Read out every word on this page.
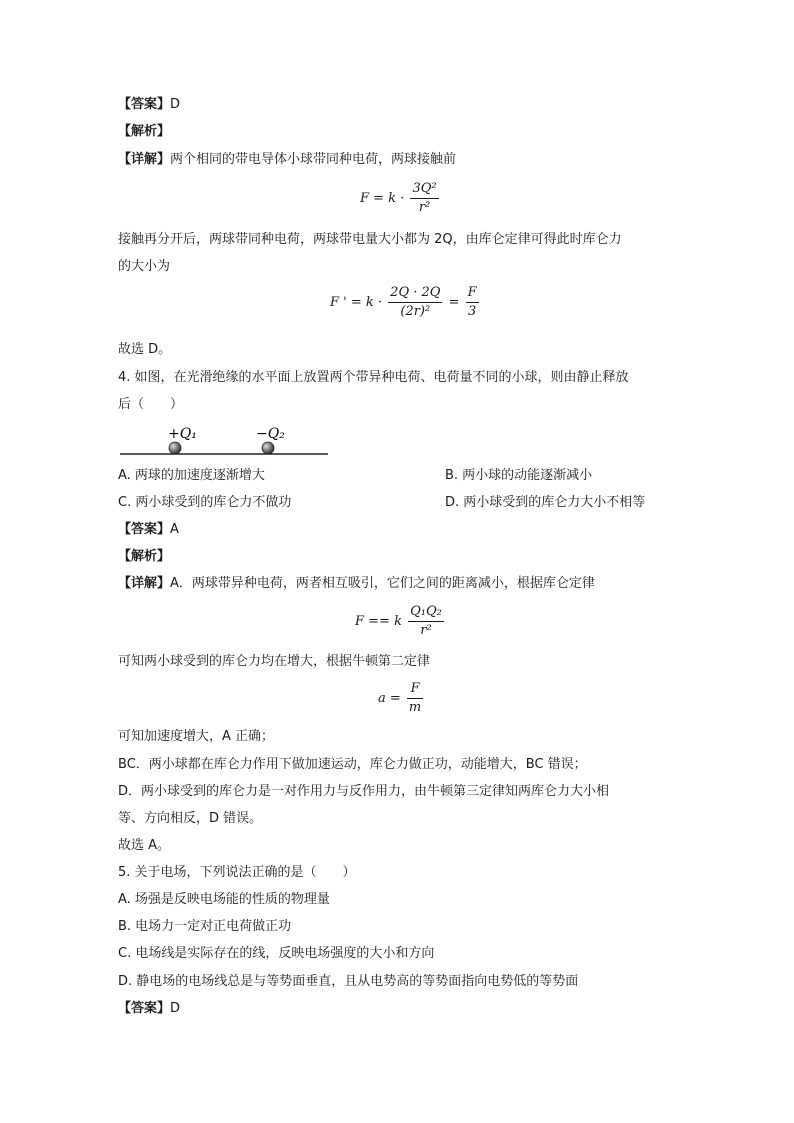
【答案】D
【解析】
【详解】两个相同的带电导体小球带同种电荷，两球接触前
$F = k \cdot \frac{\text{3Q²}}{\text{r²}}$
接触再分开后，两球带同种电荷，两球带电量大小都为 2Q，由库仑定律可得此时库仑力
的大小为
F ' = $k \cdot \frac{2Q \cdot 2Q}{\text{(2r)²}} = \frac{F}{3}$
故选 D。
4. 如图，在光滑绝缘的水平面上放置两个带异种电荷、电荷量不同的小球，则由静止释放
后（　　）
+Q₁	−Q₂
A. 两球的加速度逐渐增大	B. 两小球的动能逐渐减小
C. 两小球受到的库仑力不做功	D. 两小球受到的库仑力大小不相等
【答案】A
【解析】
【详解】A．两球带异种电荷，两者相互吸引，它们之间的距离减小，根据库仑定律
F == k $\frac{\text{Q₁Q₂}}{\text{r²}}$
可知两小球受到的库仑力均在增大，根据牛顿第二定律
$a = \frac{F}{m}$
可知加速度增大，A 正确；
BC．两小球都在库仑力作用下做加速运动，库仑力做正功，动能增大，BC 错误；
D．两小球受到的库仑力是一对作用力与反作用力，由牛顿第三定律知两库仑力大小相
等、方向相反，D 错误。
故选 A。
5. 关于电场，下列说法正确的是（　　）
A. 场强是反映电场能的性质的物理量
B. 电场力一定对正电荷做正功
C. 电场线是实际存在的线，反映电场强度的大小和方向
D. 静电场的电场线总是与等势面垂直，且从电势高的等势面指向电势低的等势面
【答案】D
